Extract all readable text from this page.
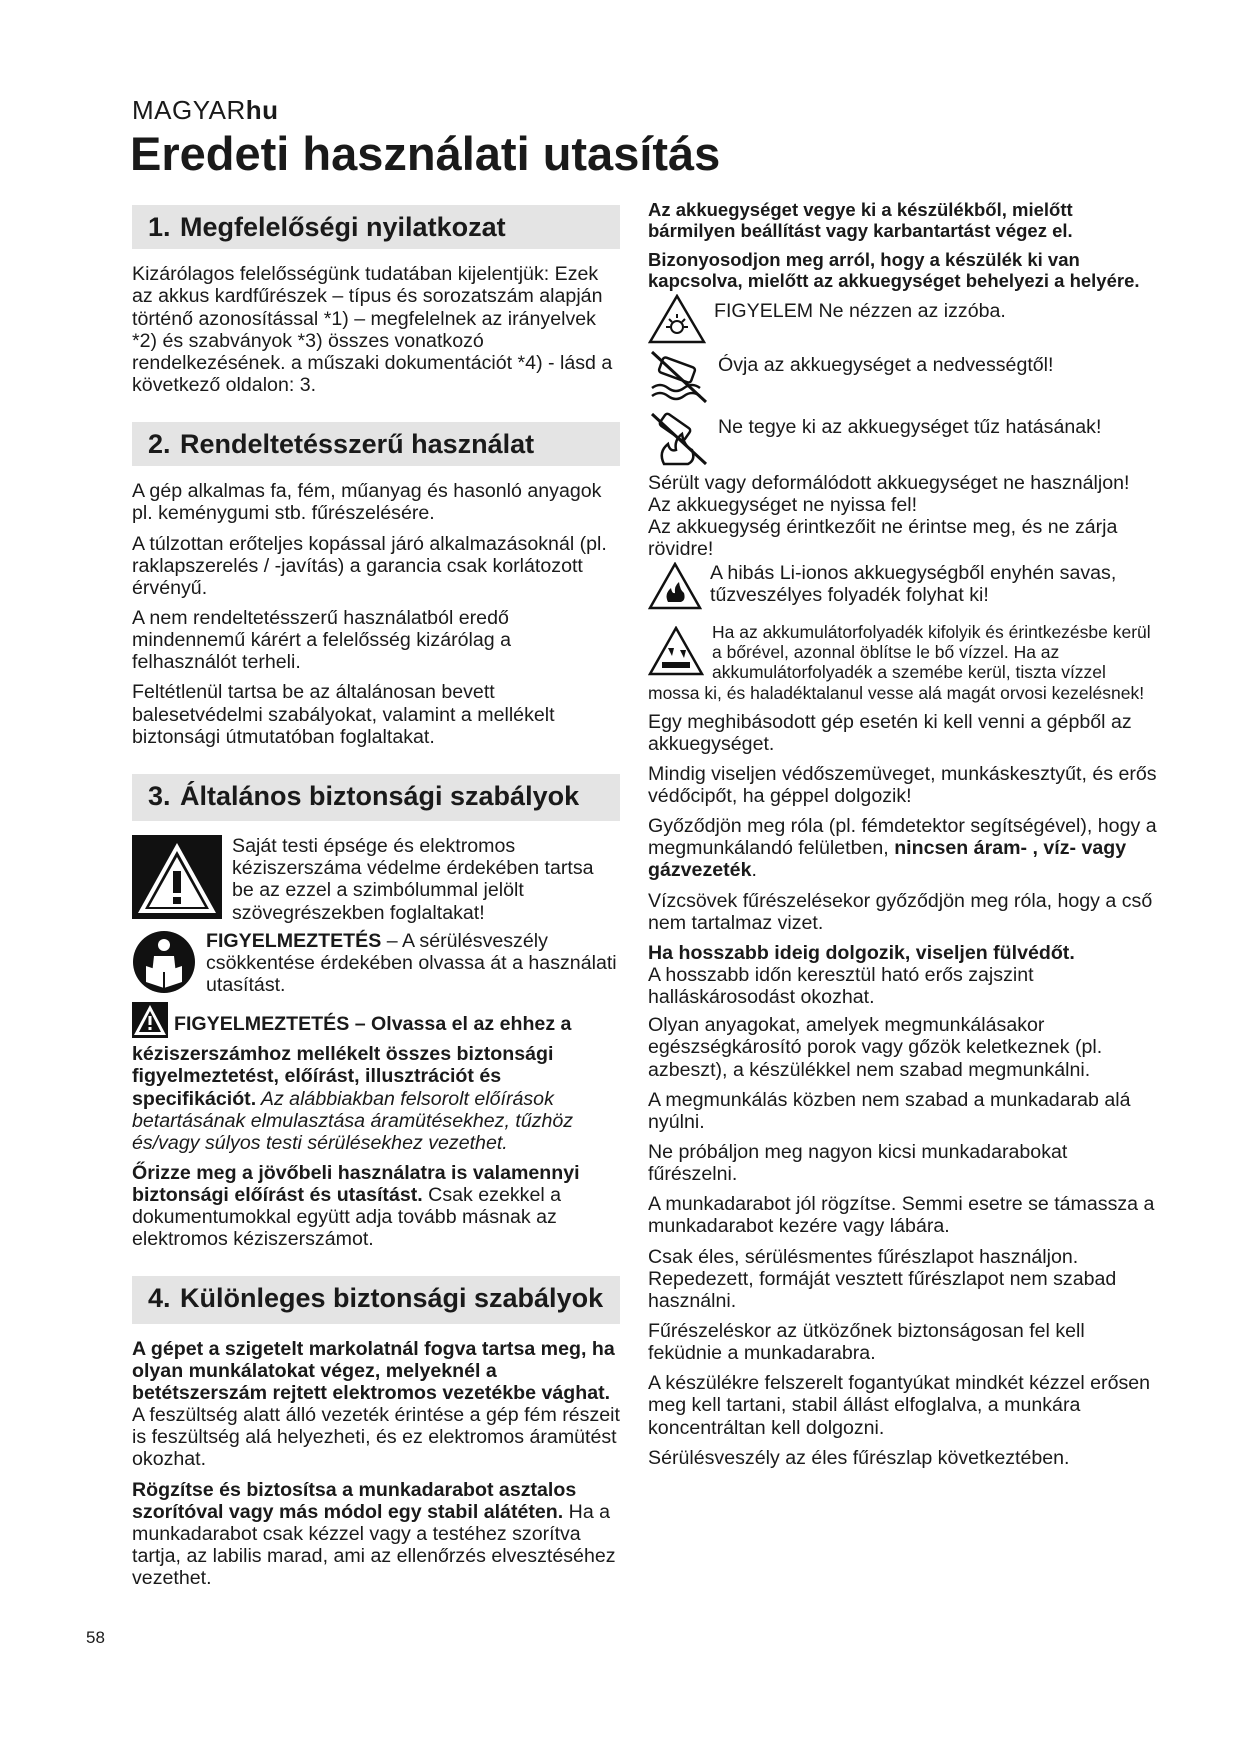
MAGYARhu
Eredeti használati utasítás
1. Megfelelőségi nyilatkozat

Kizárólagos felelősségünk tudatában kijelentjük: Ezek az akkus kardfűrészek – típus és sorozatszám alapján történő azonosítással *1) – megfelelnek az irányelvek *2) és szabványok *3) összes vonatkozó rendelkezésének. a műszaki dokumentációt *4) - lásd a következő oldalon: 3.

2. Rendeltetésszerű használat

A gép alkalmas fa, fém, műanyag és hasonló anyagok pl. keménygumi stb. fűrészelésére.

A túlzottan erőteljes kopással járó alkalmazásoknál (pl. raklapszerelés / -javítás) a garancia csak korlátozott érvényű.

A nem rendeltetésszerű használatból eredő mindennemű kárért a felelősség kizárólag a felhasználót terheli.

Feltétlenül tartsa be az általánosan bevett balesetvédelmi szabályokat, valamint a mellékelt biztonsági útmutatóban foglaltakat.

3. Általános biztonsági szabályok

Saját testi épsége és elektromos kéziszerszáma védelme érdekében tartsa be az ezzel a szimbólummal jelölt szövegrészekben foglaltakat!

FIGYELMEZTETÉS – A sérülésveszély csökkentése érdekében olvassa át a használati utasítást.

FIGYELMEZTETÉS – Olvassa el az ehhez a kéziszerszámhoz mellékelt összes biztonsági figyelmeztetést, előírást, illusztrációt és specifikációt. Az alábbiakban felsorolt előírások betartásának elmulasztása áramütésekhez, tűzhöz és/vagy súlyos testi sérülésekhez vezethet.

Őrizze meg a jövőbeli használatra is valamennyi biztonsági előírást és utasítást. Csak ezekkel a dokumentumokkal együtt adja tovább másnak az elektromos kéziszerszámot.

4. Különleges biztonsági szabályok

A gépet a szigetelt markolatnál fogva tartsa meg, ha olyan munkálatokat végez, melyeknél a betétszerszám rejtett elektromos vezetékbe vághat. A feszültség alatt álló vezeték érintése a gép fém részeit is feszültség alá helyezheti, és ez elektromos áramütést okozhat.

Rögzítse és biztosítsa a munkadarabot asztalos szorítóval vagy más módol egy stabil alátéten. Ha a munkadarabot csak kézzel vagy a testéhez szorítva tartja, az labilis marad, ami az ellenőrzés elvesztéséhez vezethet.

Az akkuegységet vegye ki a készülékből, mielőtt bármilyen beállítást vagy karbantartást végez el.

Bizonyosodjon meg arról, hogy a készülék ki van kapcsolva, mielőtt az akkuegységet behelyezi a helyére.

FIGYELEM Ne nézzen az izzóba.

Óvja az akkuegységet a nedvességtől!

Ne tegye ki az akkuegységet tűz hatásának!

Sérült vagy deformálódott akkuegységet ne használjon!

Az akkuegységet ne nyissa fel!

Az akkuegység érintkezőit ne érintse meg, és ne zárja rövidre!

A hibás Li-ionos akkuegységből enyhén savas, tűzveszélyes folyadék folyhat ki!

Ha az akkumulátorfolyadék kifolyik és érintkezésbe kerül a bőrével, azonnal öblítse le bő vízzel. Ha az akkumulátorfolyadék a szemébe kerül, tiszta vízzel mossa ki, és haladéktalanul vesse alá magát orvosi kezelésnek!

Egy meghibásodott gép esetén ki kell venni a gépből az akkuegységet.

Mindig viseljen védőszemüveget, munkáskesztyűt, és erős védőcipőt, ha géppel dolgozik!

Győződjön meg róla (pl. fémdetektor segítségével), hogy a megmunkálandó felületben, nincsen áram- , víz- vagy gázvezeték.

Vízcsövek fűrészelésekor győződjön meg róla, hogy a cső nem tartalmaz vizet.

Ha hosszabb ideig dolgozik, viseljen fülvédőt.
A hosszabb időn keresztül ható erős zajszint halláskárosodást okozhat.

Olyan anyagokat, amelyek megmunkálásakor egészségkárosító porok vagy gőzök keletkeznek (pl. azbeszt), a készülékkel nem szabad megmunkálni.

A megmunkálás közben nem szabad a munkadarab alá nyúlni.

Ne próbáljon meg nagyon kicsi munkadarabokat fűrészelni.

A munkadarabot jól rögzítse. Semmi esetre se támassza a munkadarabot kezére vagy lábára.

Csak éles, sérülésmentes fűrészlapot használjon. Repedezett, formáját vesztett fűrészlapot nem szabad használni.

Fűrészeléskor az ütközőnek biztonságosan fel kell feküdnie a munkadarabra.

A készülékre felszerelt fogantyúkat mindkét kézzel erősen meg kell tartani, stabil állást elfoglalva, a munkára koncentráltan kell dolgozni.

Sérülésveszély az éles fűrészlap következtében.

58
